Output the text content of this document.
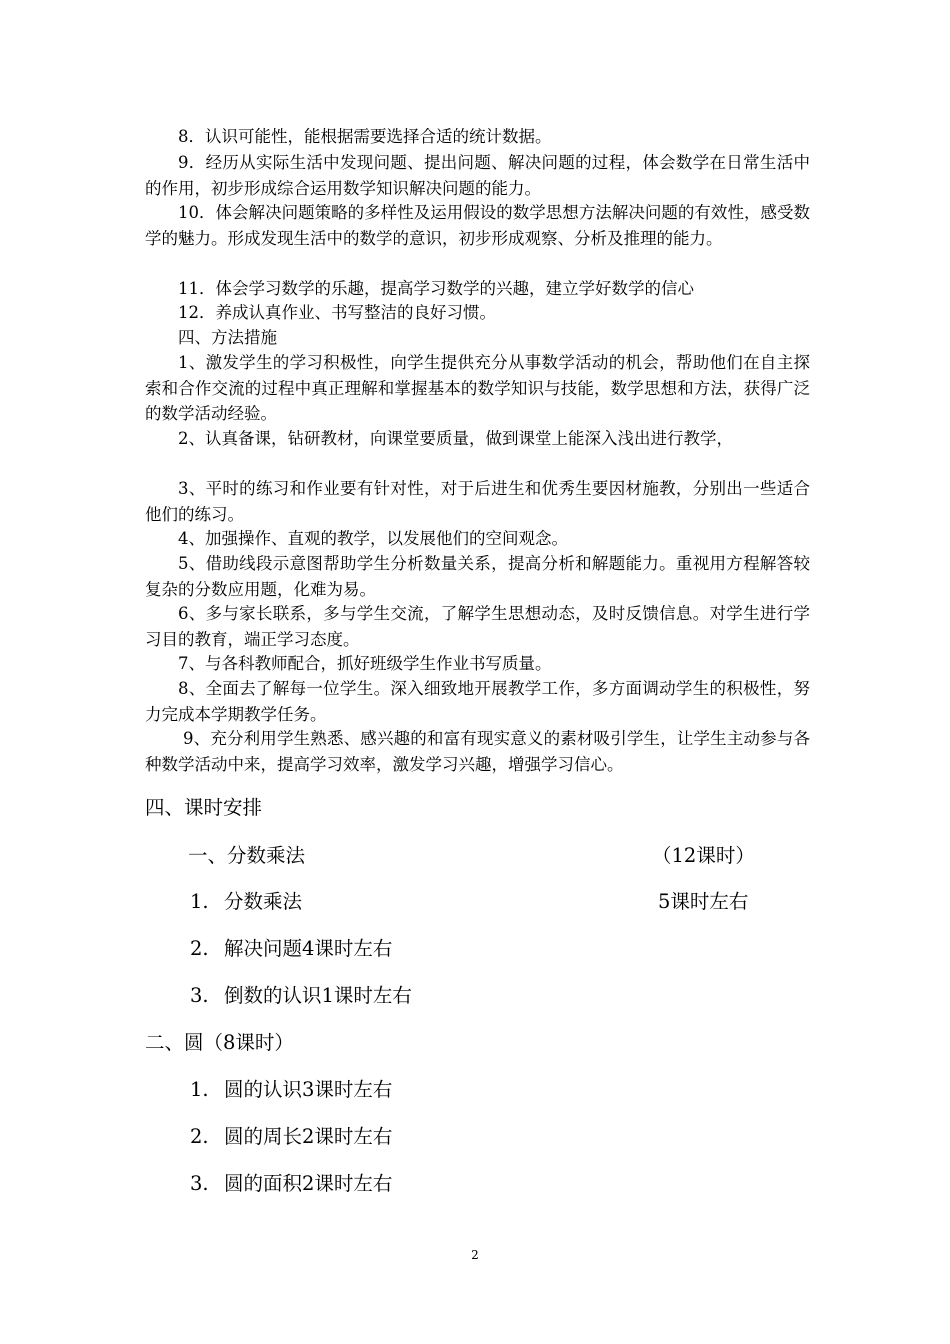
8．认识可能性，能根据需要选择合适的统计数据。

9．经历从实际生活中发现问题、提出问题、解决问题的过程，体会数学在日常生活中的作用，初步形成综合运用数学知识解决问题的能力。

10．体会解决问题策略的多样性及运用假设的数学思想方法解决问题的有效性，感受数学的魅力。形成发现生活中的数学的意识，初步形成观察、分析及推理的能力。

11．体会学习数学的乐趣，提高学习数学的兴趣，建立学好数学的信心

12．养成认真作业、书写整洁的良好习惯。

四、方法措施

1、激发学生的学习积极性，向学生提供充分从事数学活动的机会，帮助他们在自主探索和合作交流的过程中真正理解和掌握基本的数学知识与技能，数学思想和方法，获得广泛的数学活动经验。

2、认真备课，钻研教材，向课堂要质量，做到课堂上能深入浅出进行教学，

3、平时的练习和作业要有针对性，对于后进生和优秀生要因材施教，分别出一些适合他们的练习。

4、加强操作、直观的教学，以发展他们的空间观念。

5、借助线段示意图帮助学生分析数量关系，提高分析和解题能力。重视用方程解答较复杂的分数应用题，化难为易。

6、多与家长联系，多与学生交流，了解学生思想动态，及时反馈信息。对学生进行学习目的教育，端正学习态度。

7、与各科教师配合，抓好班级学生作业书写质量。

8、全面去了解每一位学生。深入细致地开展教学工作，多方面调动学生的积极性，努力完成本学期教学任务。

9、充分利用学生熟悉、感兴趣的和富有现实意义的素材吸引学生，让学生主动参与各种数学活动中来，提高学习效率，激发学习兴趣，增强学习信心。

四、课时安排

一、分数乘法	（12课时）

1. 分数乘法	5课时左右

2. 解决问题4课时左右

3. 倒数的认识1课时左右

二、圆（8课时）

1. 圆的认识3课时左右

2. 圆的周长2课时左右

3. 圆的面积2课时左右

2
